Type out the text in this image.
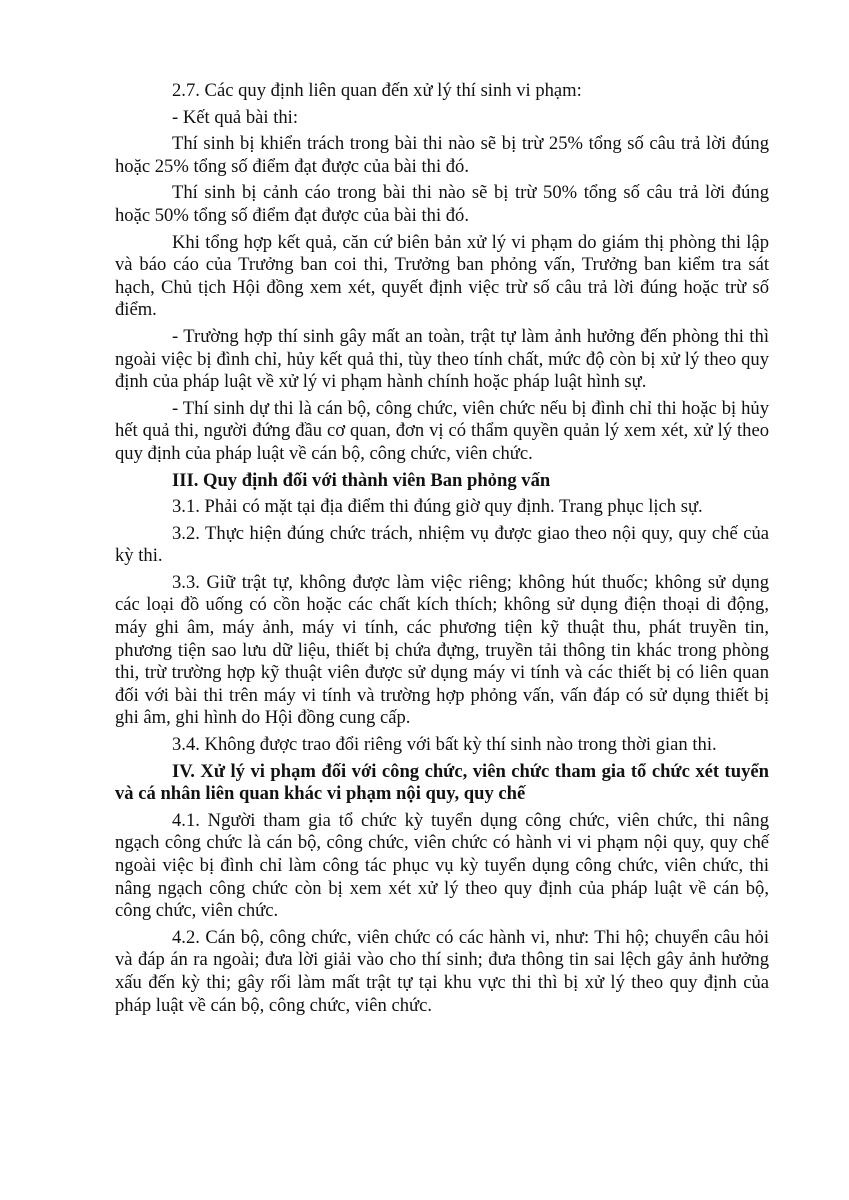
2.7. Các quy định liên quan đến xử lý thí sinh vi phạm:

- Kết quả bài thi:

Thí sinh bị khiển trách trong bài thi nào sẽ bị trừ 25% tổng số câu trả lời đúng hoặc 25% tổng số điểm đạt được của bài thi đó.

Thí sinh bị cảnh cáo trong bài thi nào sẽ bị trừ 50% tổng số câu trả lời đúng hoặc 50% tổng số điểm đạt được của bài thi đó.

Khi tổng hợp kết quả, căn cứ biên bản xử lý vi phạm do giám thị phòng thi lập và báo cáo của Trưởng ban coi thi, Trưởng ban phỏng vấn, Trưởng ban kiểm tra sát hạch, Chủ tịch Hội đồng xem xét, quyết định việc trừ số câu trả lời đúng hoặc trừ số điểm.

- Trường hợp thí sinh gây mất an toàn, trật tự làm ảnh hưởng đến phòng thi thì ngoài việc bị đình chỉ, hủy kết quả thi, tùy theo tính chất, mức độ còn bị xử lý theo quy định của pháp luật về xử lý vi phạm hành chính hoặc pháp luật hình sự.

- Thí sinh dự thi là cán bộ, công chức, viên chức nếu bị đình chỉ thi hoặc bị hủy hết quả thi, người đứng đầu cơ quan, đơn vị có thẩm quyền quản lý xem xét, xử lý theo quy định của pháp luật về cán bộ, công chức, viên chức.

III. Quy định đối với thành viên Ban phỏng vấn

3.1. Phải có mặt tại địa điểm thi đúng giờ quy định. Trang phục lịch sự.

3.2. Thực hiện đúng chức trách, nhiệm vụ được giao theo nội quy, quy chế của kỳ thi.

3.3. Giữ trật tự, không được làm việc riêng; không hút thuốc; không sử dụng các loại đồ uống có cồn hoặc các chất kích thích; không sử dụng điện thoại di động, máy ghi âm, máy ảnh, máy vi tính, các phương tiện kỹ thuật thu, phát truyền tin, phương tiện sao lưu dữ liệu, thiết bị chứa đựng, truyền tải thông tin khác trong phòng thi, trừ trường hợp kỹ thuật viên được sử dụng máy vi tính và các thiết bị có liên quan đối với bài thi trên máy vi tính và trường hợp phỏng vấn, vấn đáp có sử dụng thiết bị ghi âm, ghi hình do Hội đồng cung cấp.

3.4. Không được trao đổi riêng với bất kỳ thí sinh nào trong thời gian thi.

IV. Xử lý vi phạm đối với công chức, viên chức tham gia tổ chức xét tuyển và cá nhân liên quan khác vi phạm nội quy, quy chế

4.1. Người tham gia tổ chức kỳ tuyển dụng công chức, viên chức, thi nâng ngạch công chức là cán bộ, công chức, viên chức có hành vi vi phạm nội quy, quy chế ngoài việc bị đình chỉ làm công tác phục vụ kỳ tuyển dụng công chức, viên chức, thi nâng ngạch công chức còn bị xem xét xử lý theo quy định của pháp luật về cán bộ, công chức, viên chức.

4.2. Cán bộ, công chức, viên chức có các hành vi, như: Thi hộ; chuyển câu hỏi và đáp án ra ngoài; đưa lời giải vào cho thí sinh; đưa thông tin sai lệch gây ảnh hưởng xấu đến kỳ thi; gây rối làm mất trật tự tại khu vực thi thì bị xử lý theo quy định của pháp luật về cán bộ, công chức, viên chức.
